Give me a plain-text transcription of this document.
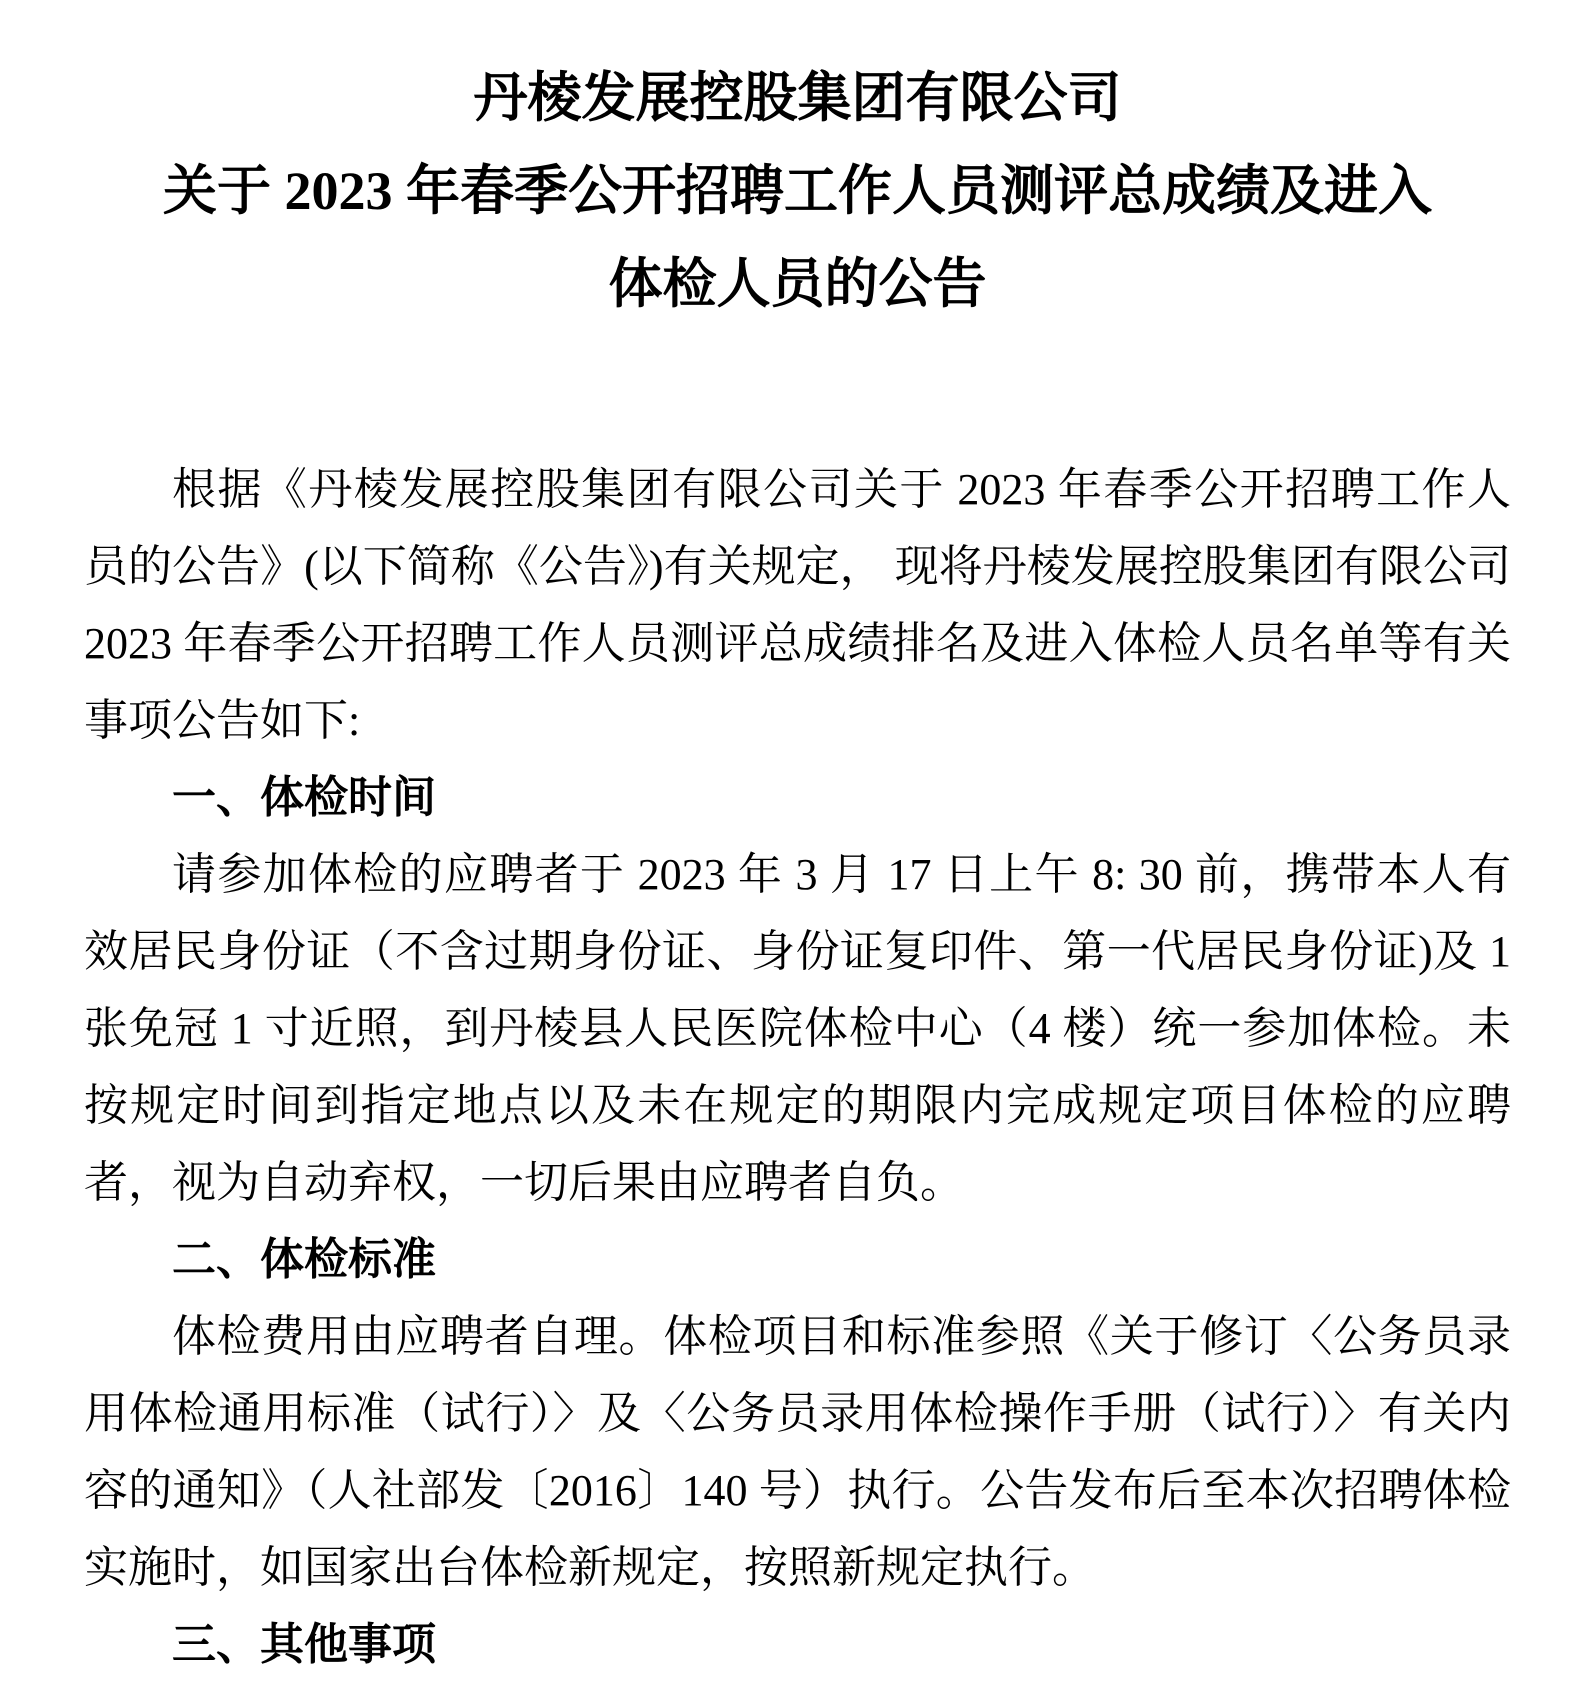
丹棱发展控股集团有限公司
关于 2023 年春季公开招聘工作人员测评总成绩及进入
体检人员的公告

根据《丹棱发展控股集团有限公司关于 2023 年春季公开招聘工作人员的公告》(以下简称《公告》)有关规定， 现将丹棱发展控股集团有限公司 2023 年春季公开招聘工作人员测评总成绩排名及进入体检人员名单等有关事项公告如下:

一、体检时间

请参加体检的应聘者于 2023 年 3 月 17 日上午 8: 30 前，携带本人有效居民身份证（不含过期身份证、身份证复印件、第一代居民身份证)及 1 张免冠 1 寸近照，到丹棱县人民医院体检中心（4 楼）统一参加体检。未按规定时间到指定地点以及未在规定的期限内完成规定项目体检的应聘者，视为自动弃权，一切后果由应聘者自负。

二、体检标准

体检费用由应聘者自理。体检项目和标准参照《关于修订〈公务员录用体检通用标准（试行）〉及〈公务员录用体检操作手册（试行）〉有关内容的通知》（人社部发〔2016〕140 号）执行。公告发布后至本次招聘体检实施时，如国家出台体检新规定，按照新规定执行。

三、其他事项
